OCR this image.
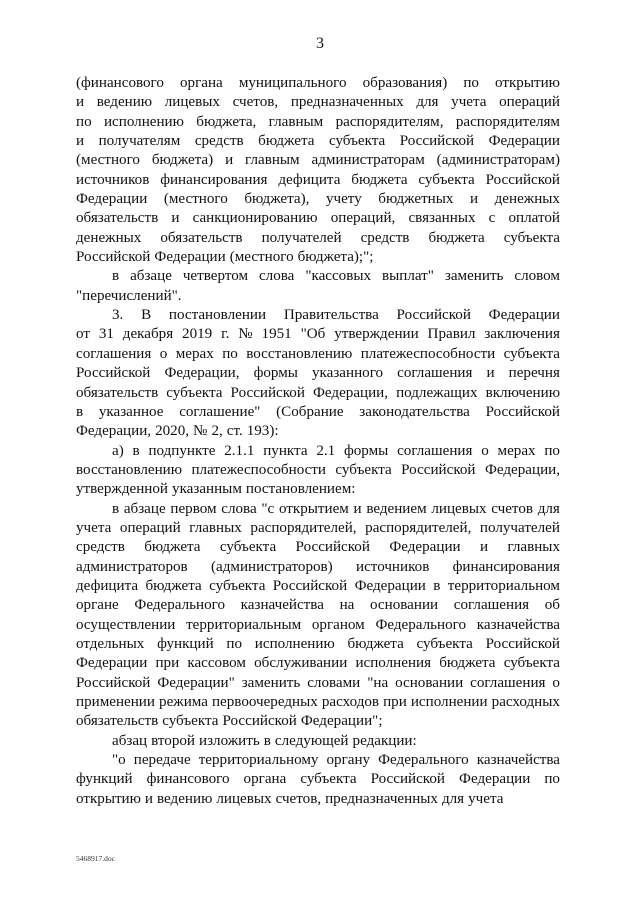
3
(финансового органа муниципального образования) по открытию
и ведению лицевых счетов, предназначенных для учета операций
по исполнению бюджета, главным распорядителям, распорядителям
и получателям средств бюджета субъекта Российской Федерации
(местного бюджета) и главным администраторам (администраторам)
источников финансирования дефицита бюджета субъекта Российской
Федерации (местного бюджета), учету бюджетных и денежных
обязательств и санкционированию операций, связанных с оплатой
денежных обязательств получателей средств бюджета субъекта
Российской Федерации (местного бюджета);";
в абзаце четвертом слова "кассовых выплат" заменить словом
"перечислений".
3. В постановлении Правительства Российской Федерации
от 31 декабря 2019 г. № 1951 "Об утверждении Правил заключения
соглашения о мерах по восстановлению платежеспособности субъекта
Российской Федерации, формы указанного соглашения и перечня
обязательств субъекта Российской Федерации, подлежащих включению
в указанное соглашение" (Собрание законодательства Российской
Федерации, 2020, № 2, ст. 193):
а) в подпункте 2.1.1 пункта 2.1 формы соглашения о мерах по
восстановлению платежеспособности субъекта Российской Федерации,
утвержденной указанным постановлением:
в абзаце первом слова "с открытием и ведением лицевых счетов для
учета операций главных распорядителей, распорядителей, получателей
средств бюджета субъекта Российской Федерации и главных
администраторов (администраторов) источников финансирования
дефицита бюджета субъекта Российской Федерации в территориальном
органе Федерального казначейства на основании соглашения об
осуществлении территориальным органом Федерального казначейства
отдельных функций по исполнению бюджета субъекта Российской
Федерации при кассовом обслуживании исполнения бюджета субъекта
Российской Федерации" заменить словами "на основании соглашения о
применении режима первоочередных расходов при исполнении расходных
обязательств субъекта Российской Федерации";
абзац второй изложить в следующей редакции:
"о передаче территориальному органу Федерального казначейства
функций финансового органа субъекта Российской Федерации по
открытию и ведению лицевых счетов, предназначенных для учета
5468917.doc
